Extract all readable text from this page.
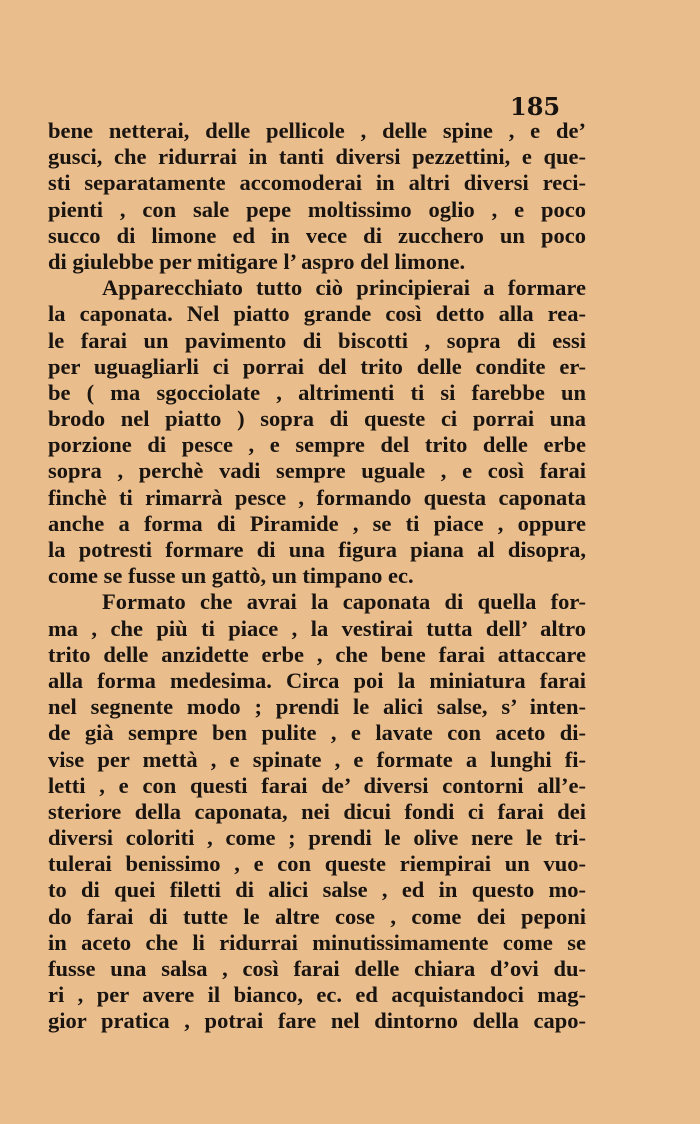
185
bene netterai, delle pellicole , delle spine , e de’
gusci, che ridurrai in tanti diversi pezzettini, e que-
sti separatamente accomoderai in altri diversi reci-
pienti , con sale pepe moltissimo oglio , e poco
succo di limone ed in vece di zucchero un poco
di giulebbe per mitigare l’ aspro del limone.
Apparecchiato tutto ciò principierai a formare
la caponata. Nel piatto grande così detto alla rea-
le farai un pavimento di biscotti , sopra di essi
per uguagliarli ci porrai del trito delle condite er-
be ( ma sgocciolate , altrimenti ti si farebbe un
brodo nel piatto ) sopra di queste ci porrai una
porzione di pesce , e sempre del trito delle erbe
sopra , perchè vadi sempre uguale , e così farai
finchè ti rimarrà pesce , formando questa caponata
anche a forma di Piramide , se ti piace , oppure
la potresti formare di una figura piana al disopra,
come se fusse un gattò, un timpano ec.
Formato che avrai la caponata di quella for-
ma , che più ti piace , la vestirai tutta dell’ altro
trito delle anzidette erbe , che bene farai attaccare
alla forma medesima. Circa poi la miniatura farai
nel segnente modo ; prendi le alici salse, s’ inten-
de già sempre ben pulite , e lavate con aceto di-
vise per mettà , e spinate , e formate a lunghi fi-
letti , e con questi farai de’ diversi contorni all’e-
steriore della caponata, nei dicui fondi ci farai dei
diversi coloriti , come ; prendi le olive nere le tri-
tulerai benissimo , e con queste riempirai un vuo-
to di quei filetti di alici salse , ed in questo mo-
do farai di tutte le altre cose , come dei peponi
in aceto che li ridurrai minutissimamente come se
fusse una salsa , così farai delle chiara d’ovi du-
ri , per avere il bianco, ec. ed acquistandoci mag-
gior pratica , potrai fare nel dintorno della capo-
